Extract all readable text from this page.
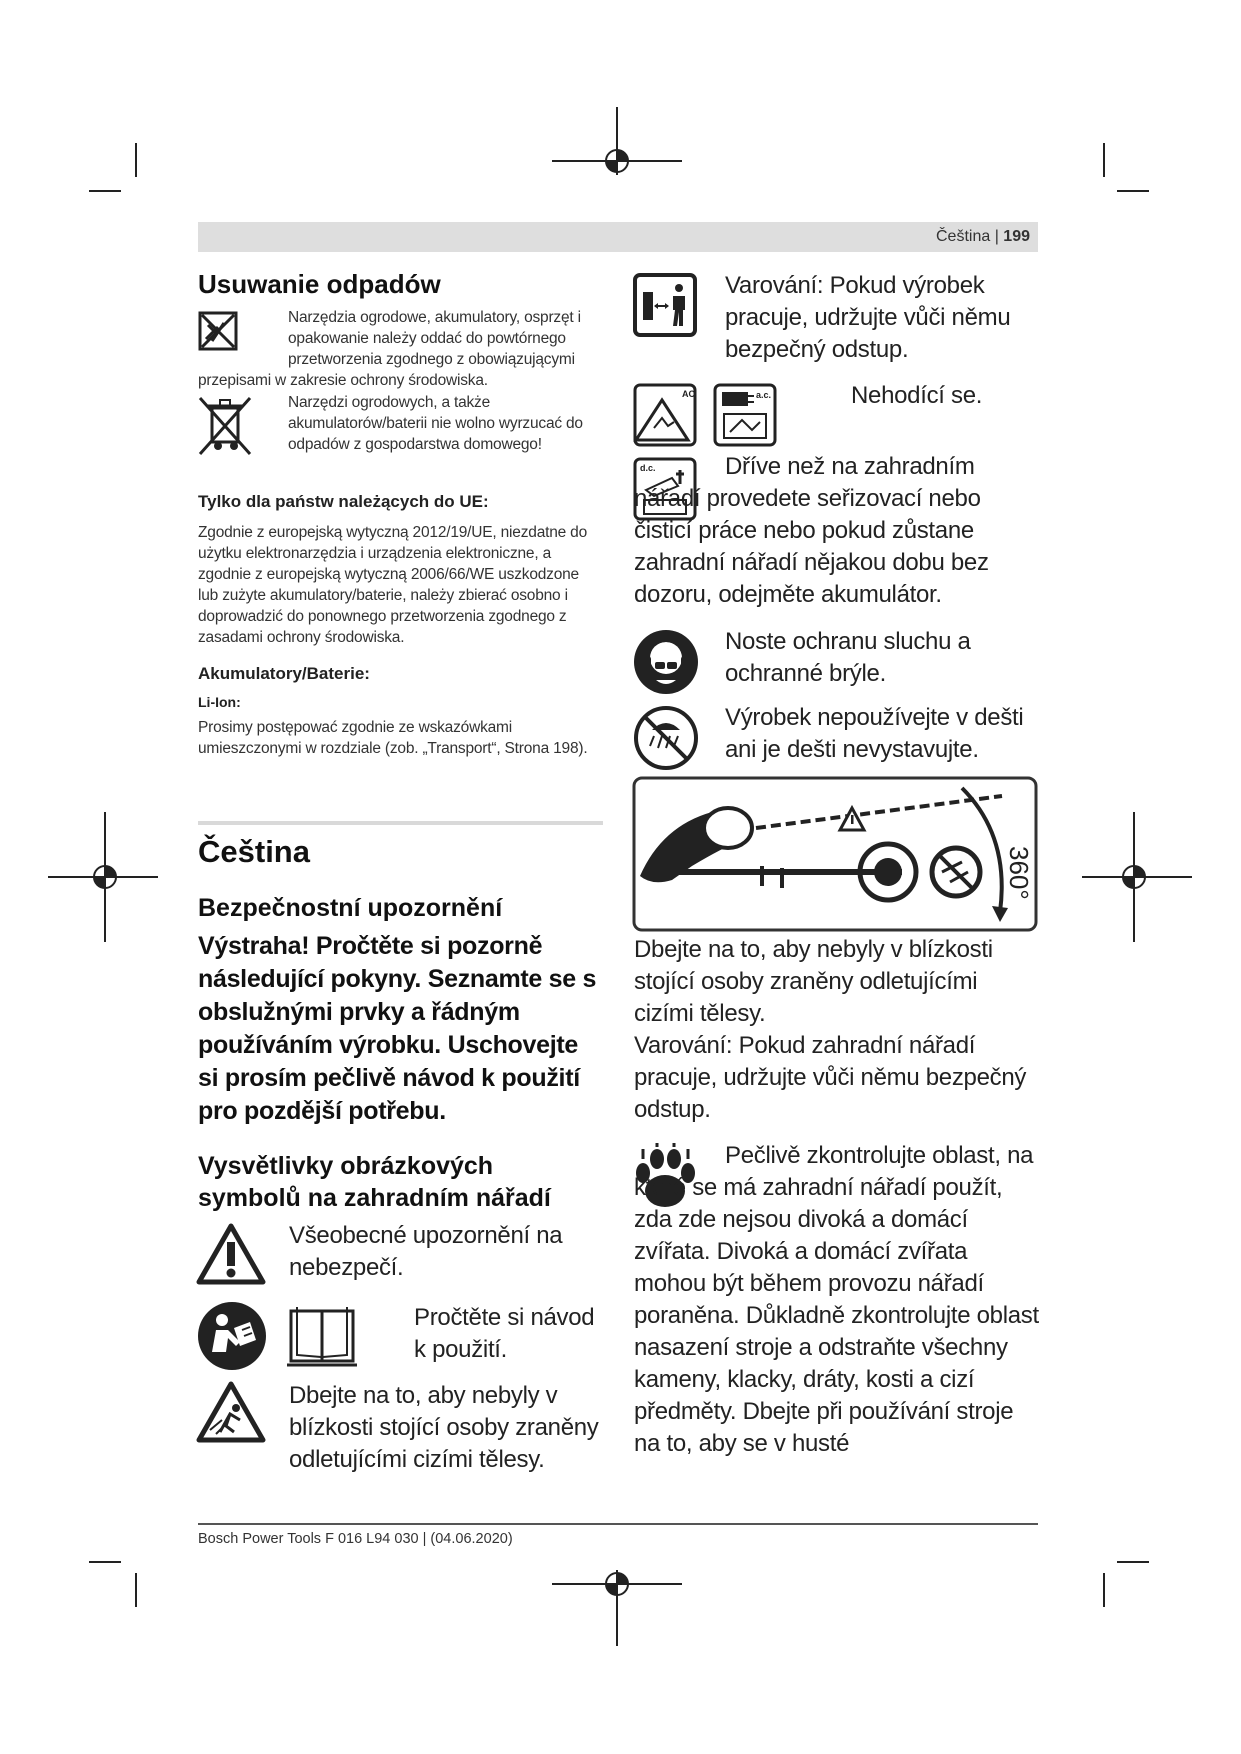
Čeština | 199
Usuwanie odpadów
Narzędzia ogrodowe, akumulatory, osprzęt i opakowanie należy oddać do powtórnego przetworzenia zgodnego z obowiązującymi
przepisami w zakresie ochrony środowiska.
Narzędzi ogrodowych, a także akumulatorów/baterii nie wolno wyrzucać do odpadów z gospodarstwa domowego!
Tylko dla państw należących do UE:
Zgodnie z europejską wytyczną 2012/19/UE, niezdatne do użytku elektronarzędzia i urządzenia elektroniczne, a zgodnie z europejską wytyczną 2006/66/WE uszkodzone lub zużyte akumulatory/baterie, należy zbierać osobno i doprowadzić do ponownego przetworzenia zgodnego z zasadami ochrony środowiska.
Akumulatory/Baterie:
Li-Ion:
Prosimy postępować zgodnie ze wskazówkami umieszczonymi w rozdziale (zob. „Transport“, Strona 198).
Čeština
Bezpečnostní upozornění
Výstraha! Pročtěte si pozorně následující pokyny. Seznamte se s obslužnými prvky a řádným používáním výrobku. Uschovejte si prosím pečlivě návod k použití pro pozdější potřebu.
Vysvětlivky obrázkových symbolů na zahradním nářadí
Všeobecné upozornění na nebezpečí.
Pročtěte si návod k použití.
Dbejte na to, aby nebyly v blízkosti stojící osoby zraněny odletujícími cizími tělesy.
Varování: Pokud výrobek pracuje, udržujte vůči němu bezpečný odstup.
AC	a.c.	Nehodící se.
d.c.	Dříve než na zahradním nářadí provedete seřizovací nebo čisticí práce nebo pokud zůstane zahradní nářadí nějakou dobu bez dozoru, odejměte akumulátor.
Noste ochranu sluchu a ochranné brýle.
Výrobek nepoužívejte v dešti ani je dešti nevystavujte.
360°
Dbejte na to, aby nebyly v blízkosti stojící osoby zraněny odletujícími cizími tělesy.
Varování: Pokud zahradní nářadí pracuje, udržujte vůči němu bezpečný odstup.
Pečlivě zkontrolujte oblast, na které se má zahradní nářadí použít, zda zde nejsou divoká a domácí zvířata. Divoká a domácí zvířata mohou být během provozu nářadí poraněna. Důkladně zkontrolujte oblast nasazení stroje a odstraňte všechny kameny, klacky, dráty, kosti a cizí předměty. Dbejte při používání stroje na to, aby se v husté
Bosch Power Tools F 016 L94 030 | (04.06.2020)
